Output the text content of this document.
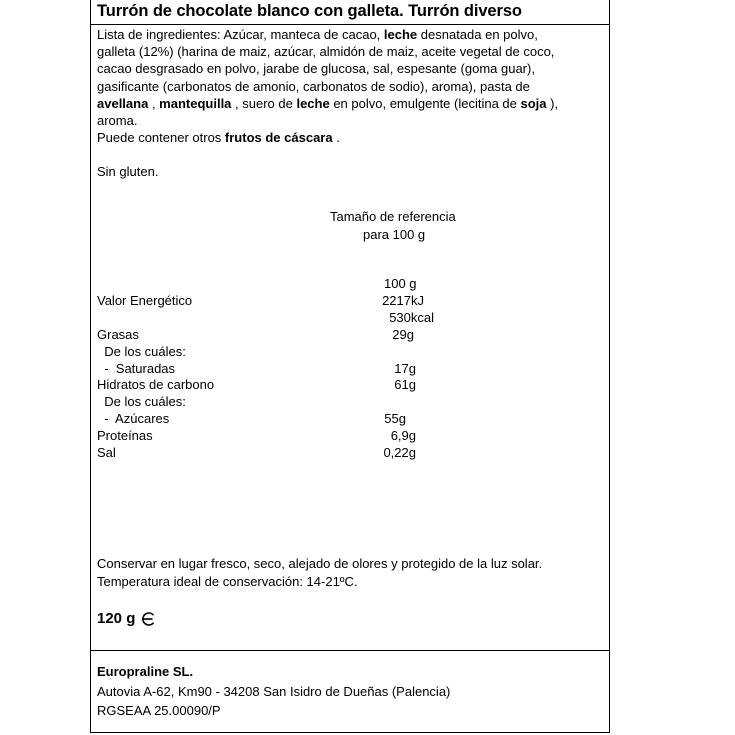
Turrón de chocolate blanco con galleta. Turrón diverso
Lista de ingredientes: Azúcar, manteca de cacao, leche desnatada en polvo,
galleta (12%) (harina de maiz, azúcar, almidón de maiz, aceite vegetal de coco,
cacao desgrasado en polvo, jarabe de glucosa, sal, espesante (goma guar),
gasificante (carbonatos de amonio, carbonatos de sodio), aroma), pasta de
avellana , mantequilla , suero de leche en polvo, emulgente (lecitina de soja ),
aroma.
Puede contener otros frutos de cáscara .
Sin gluten.
Tamaño de referencia
para 100 g
100 g
Valor Energético	2217kJ
530kcal
Grasas	29g
De los cuáles:
-  Saturadas	17g
Hidratos de carbono	61g
De los cuáles:
-  Azúcares	55g
Proteínas	6,9g
Sal	0,22g
Conservar en lugar fresco, seco, alejado de olores y protegido de la luz solar.
Temperatura ideal de conservación: 14-21ºC.
120 g
Europraline SL.
Autovia A-62, Km90 - 34208 San Isidro de Dueñas (Palencia)
RGSEAA 25.00090/P
